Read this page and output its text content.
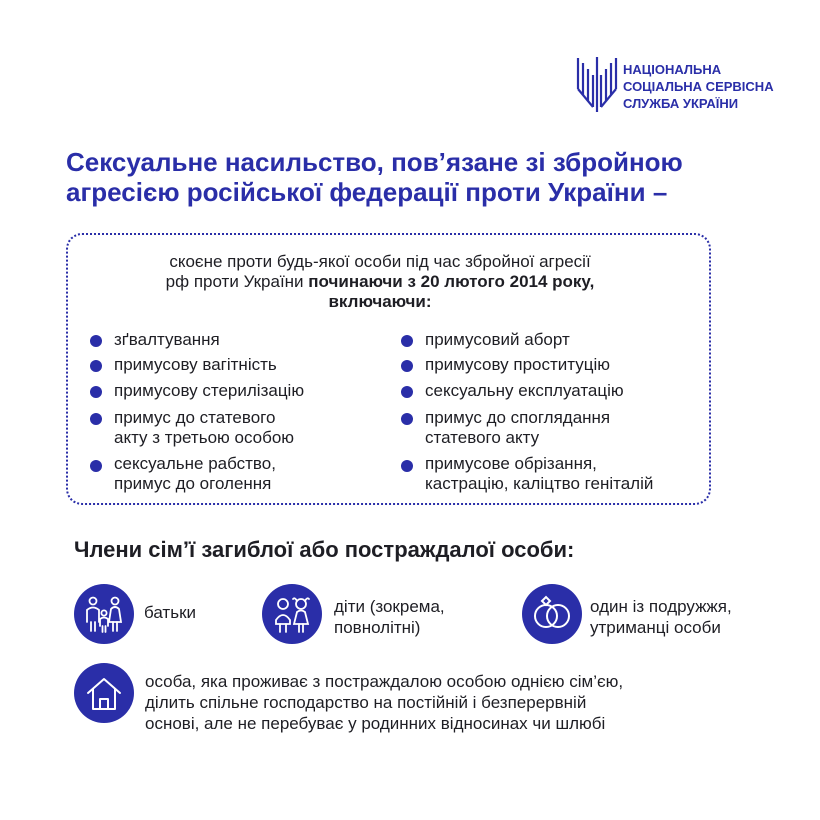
НАЦІОНАЛЬНА
СОЦІАЛЬНА СЕРВІСНА
СЛУЖБА УКРАЇНИ
Сексуальне насильство, пов’язане зі збройною
агресією російської федерації проти України –
скоєне проти будь-якої особи під час збройної агресії
рф проти України починаючи з 20 лютого 2014 року,
включаючи:
зґвалтування
примусову вагітність
примусову стерилізацію
примус до статевого
акту з третьою особою
сексуальне рабство,
примус до оголення
примусовий аборт
примусову проституцію
сексуальну експлуатацію
примус до споглядання
статевого акту
примусове обрізання,
кастрацію, каліцтво геніталій
Члени сім’ї загиблої або постраждалої особи:
батьки	діти (зокрема,
повнолітні)
один із подружжя,
утриманці особи
особа, яка проживає з постраждалою особою однією сім’єю,
ділить спільне господарство на постійній і безперервній
основі, але не перебуває у родинних відносинах чи шлюбі
